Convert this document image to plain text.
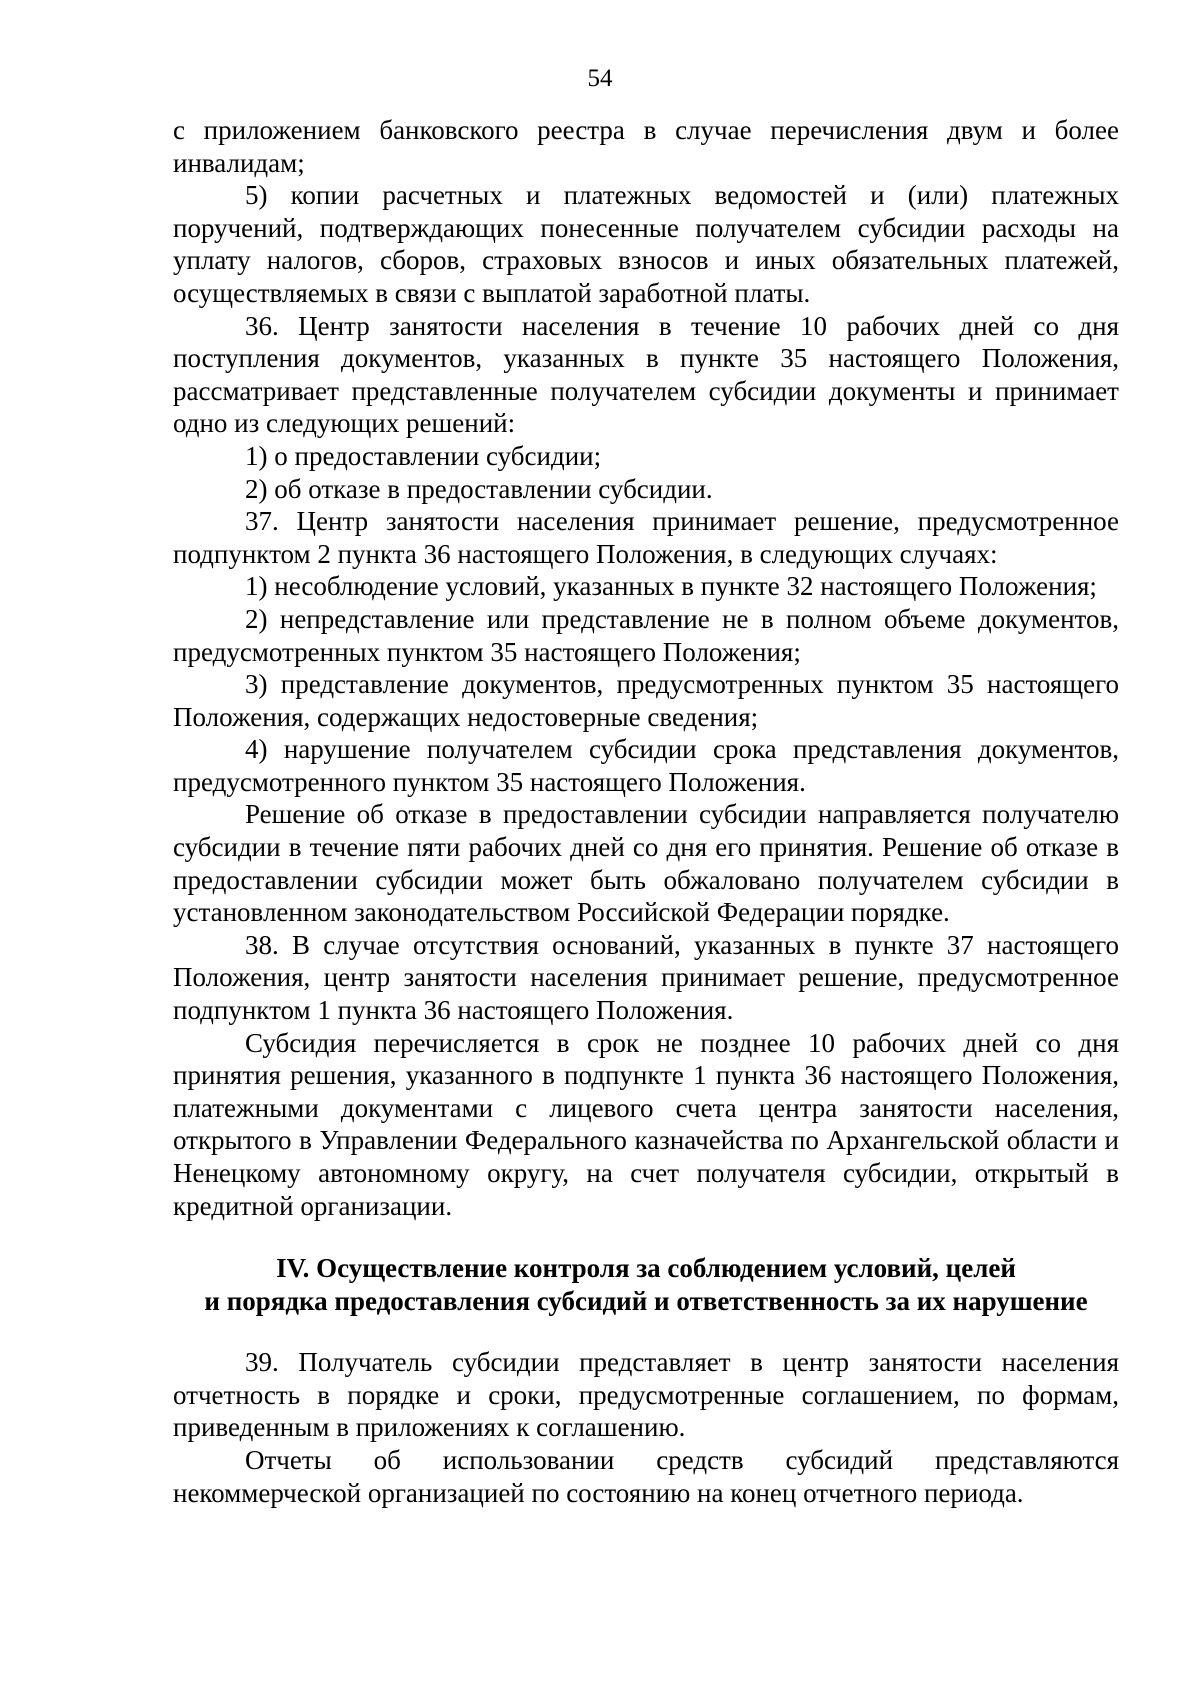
54

с приложением банковского реестра в случае перечисления двум и более инвалидам;

5) копии расчетных и платежных ведомостей и (или) платежных поручений, подтверждающих понесенные получателем субсидии расходы на уплату налогов, сборов, страховых взносов и иных обязательных платежей, осуществляемых в связи с выплатой заработной платы.

36. Центр занятости населения в течение 10 рабочих дней со дня поступления документов, указанных в пункте 35 настоящего Положения, рассматривает представленные получателем субсидии документы и принимает одно из следующих решений:

1) о предоставлении субсидии;

2) об отказе в предоставлении субсидии.

37. Центр занятости населения принимает решение, предусмотренное подпунктом 2 пункта 36 настоящего Положения, в следующих случаях:

1) несоблюдение условий, указанных в пункте 32 настоящего Положения;

2) непредставление или представление не в полном объеме документов, предусмотренных пунктом 35 настоящего Положения;

3) представление документов, предусмотренных пунктом 35 настоящего Положения, содержащих недостоверные сведения;

4) нарушение получателем субсидии срока представления документов, предусмотренного пунктом 35 настоящего Положения.

Решение об отказе в предоставлении субсидии направляется получателю субсидии в течение пяти рабочих дней со дня его принятия. Решение об отказе в предоставлении субсидии может быть обжаловано получателем субсидии в установленном законодательством Российской Федерации порядке.

38. В случае отсутствия оснований, указанных в пункте 37 настоящего Положения, центр занятости населения принимает решение, предусмотренное подпунктом 1 пункта 36 настоящего Положения.

Субсидия перечисляется в срок не позднее 10 рабочих дней со дня принятия решения, указанного в подпункте 1 пункта 36 настоящего Положения, платежными документами с лицевого счета центра занятости населения, открытого в Управлении Федерального казначейства по Архангельской области и Ненецкому автономному округу, на счет получателя субсидии, открытый в кредитной организации.

IV. Осуществление контроля за соблюдением условий, целей
и порядка предоставления субсидий и ответственность за их нарушение

39. Получатель субсидии представляет в центр занятости населения отчетность в порядке и сроки, предусмотренные соглашением, по формам, приведенным в приложениях к соглашению.

Отчеты об использовании средств субсидий представляются некоммерческой организацией по состоянию на конец отчетного периода.
